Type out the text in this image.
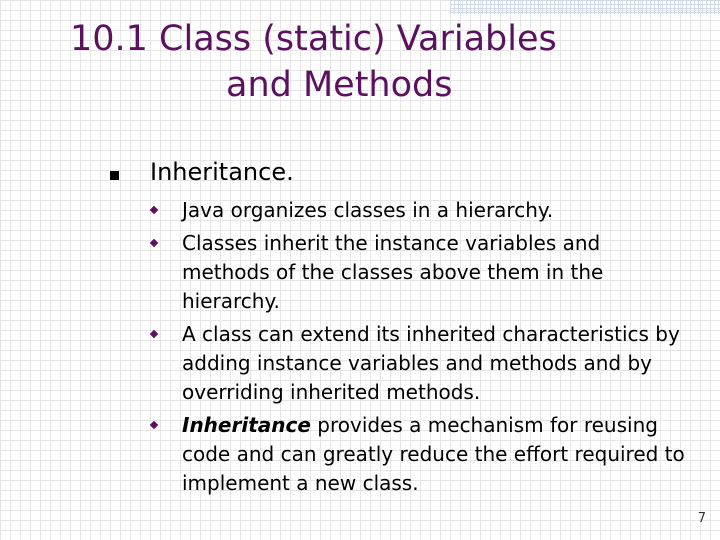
10.1 Class (static) Variables
and Methods
Inheritance.
Java organizes classes in a hierarchy.
Classes inherit the instance variables and methods of the classes above them in the hierarchy.
A class can extend its inherited characteristics by adding instance variables and methods and by overriding inherited methods.
Inheritance provides a mechanism for reusing code and can greatly reduce the effort required to implement a new class.
7
